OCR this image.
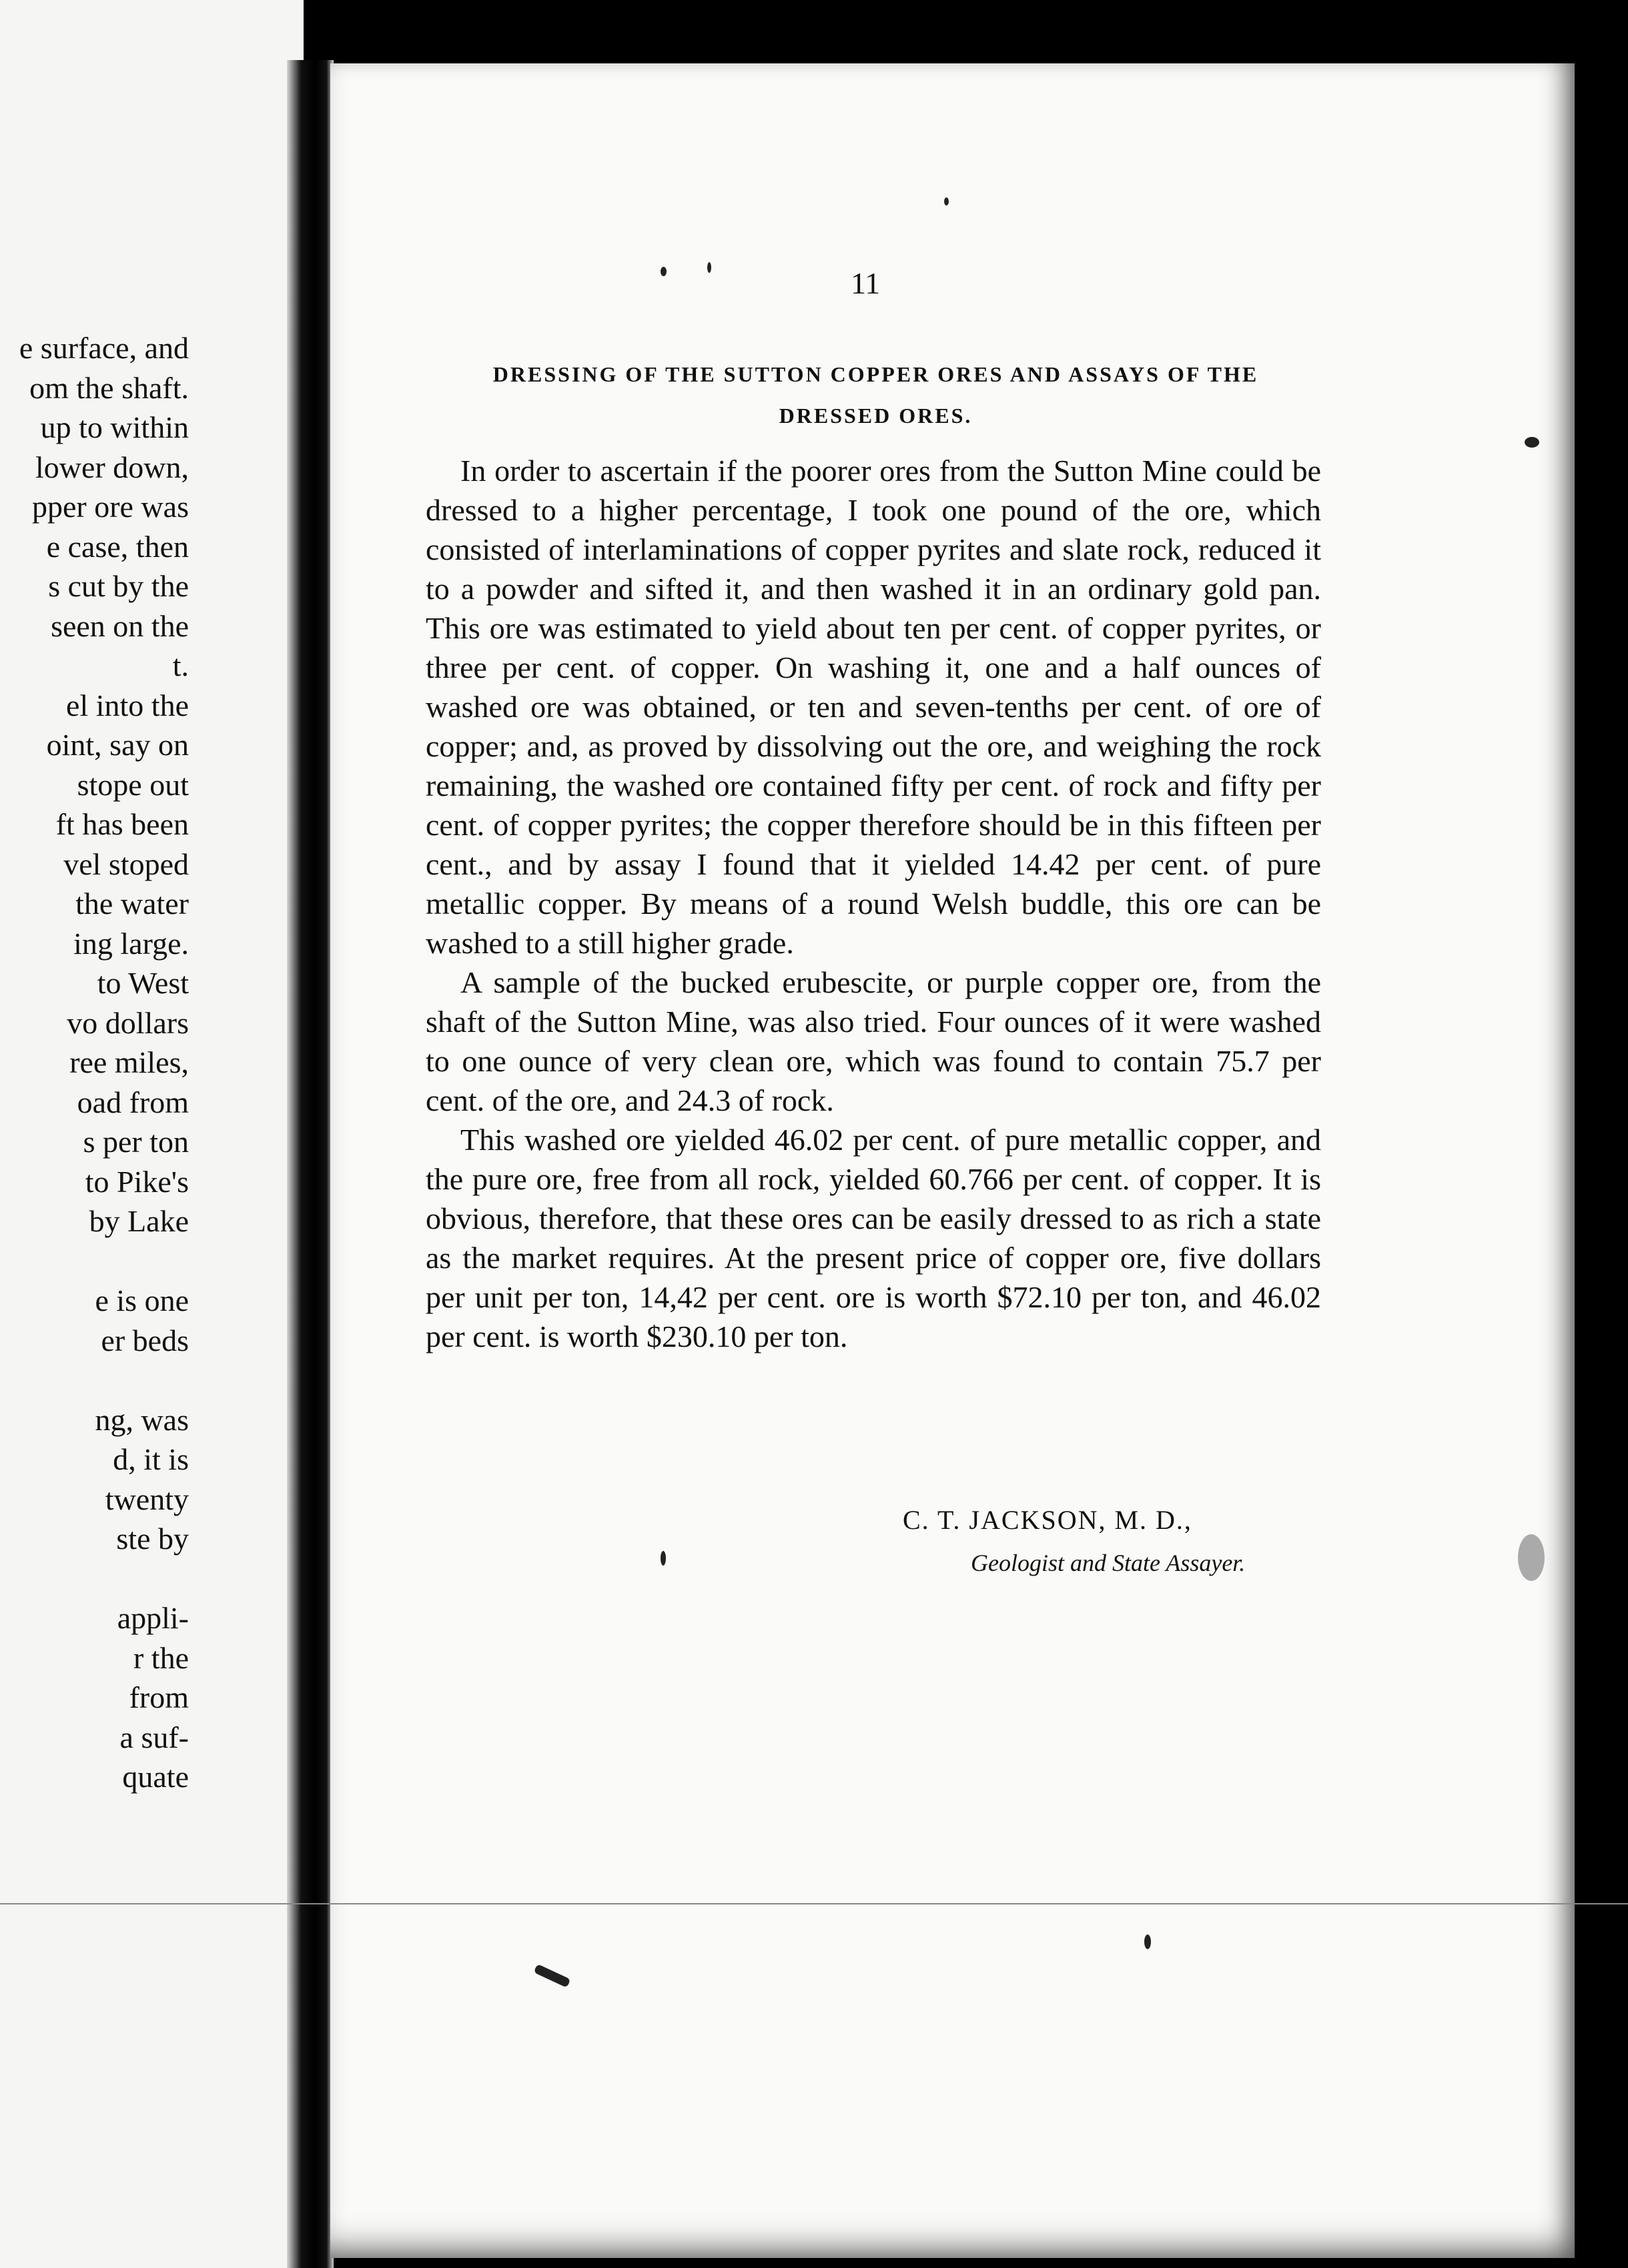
e surface, and
om the shaft.
up to within
lower down,
pper ore was
e case, then
s cut by the
seen on the
t.
el into the
oint, say on
stope out
ft has been
vel stoped
the water
ing large.
to West
vo dollars
ree miles,
oad from
s per ton
to Pike's
by Lake
e is one
er beds
ng, was
d, it is
twenty
ste by
appli-
r the
from
a suf-
quate
11
DRESSING OF THE SUTTON COPPER ORES AND ASSAYS OF THE
DRESSED ORES.

In order to ascertain if the poorer ores from the Sutton Mine could be dressed to a higher percentage, I took one pound of the ore, which consisted of interlaminations of copper pyrites and slate rock, reduced it to a powder and sifted it, and then washed it in an ordinary gold pan. This ore was estimated to yield about ten per cent. of copper pyrites, or three per cent. of copper. On washing it, one and a half ounces of washed ore was obtained, or ten and seven-tenths per cent. of ore of copper; and, as proved by dissolving out the ore, and weighing the rock remaining, the washed ore contained fifty per cent. of rock and fifty per cent. of copper pyrites; the copper therefore should be in this fifteen per cent., and by assay I found that it yielded 14.42 per cent. of pure metallic copper. By means of a round Welsh buddle, this ore can be washed to a still higher grade.

A sample of the bucked erubescite, or purple copper ore, from the shaft of the Sutton Mine, was also tried. Four ounces of it were washed to one ounce of very clean ore, which was found to contain 75.7 per cent. of the ore, and 24.3 of rock.

This washed ore yielded 46.02 per cent. of pure metallic copper, and the pure ore, free from all rock, yielded 60.766 per cent. of copper. It is obvious, therefore, that these ores can be easily dressed to as rich a state as the market requires. At the present price of copper ore, five dollars per unit per ton, 14,42 per cent. ore is worth $72.10 per ton, and 46.02 per cent. is worth $230.10 per ton.

C. T. JACKSON, M. D.,
Geologist and State Assayer.
